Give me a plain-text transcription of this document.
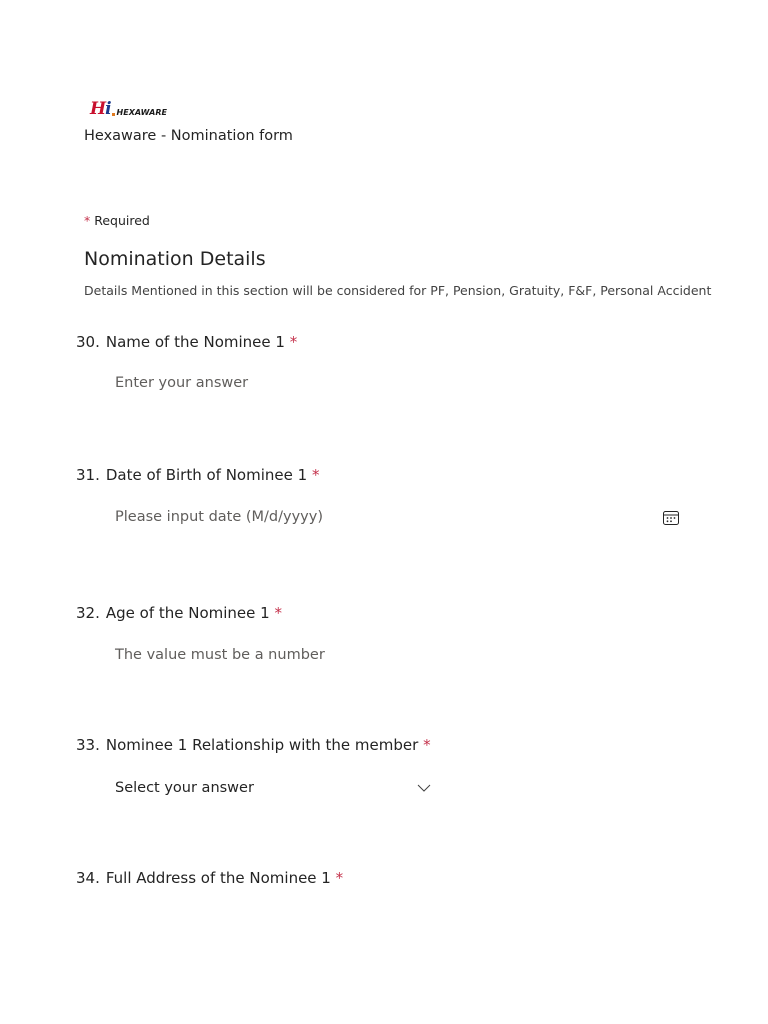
Hi HEXAWARE
Hexaware - Nomination form
* Required
Nomination Details
Details Mentioned in this section will be considered for PF, Pension, Gratuity, F&F, Personal Accident
30. Name of the Nominee 1 *
Enter your answer
31. Date of Birth of Nominee 1 *
Please input date (M/d/yyyy)
32. Age of the Nominee 1 *
The value must be a number
33. Nominee 1 Relationship with the member *
Select your answer
34. Full Address of the Nominee 1 *
